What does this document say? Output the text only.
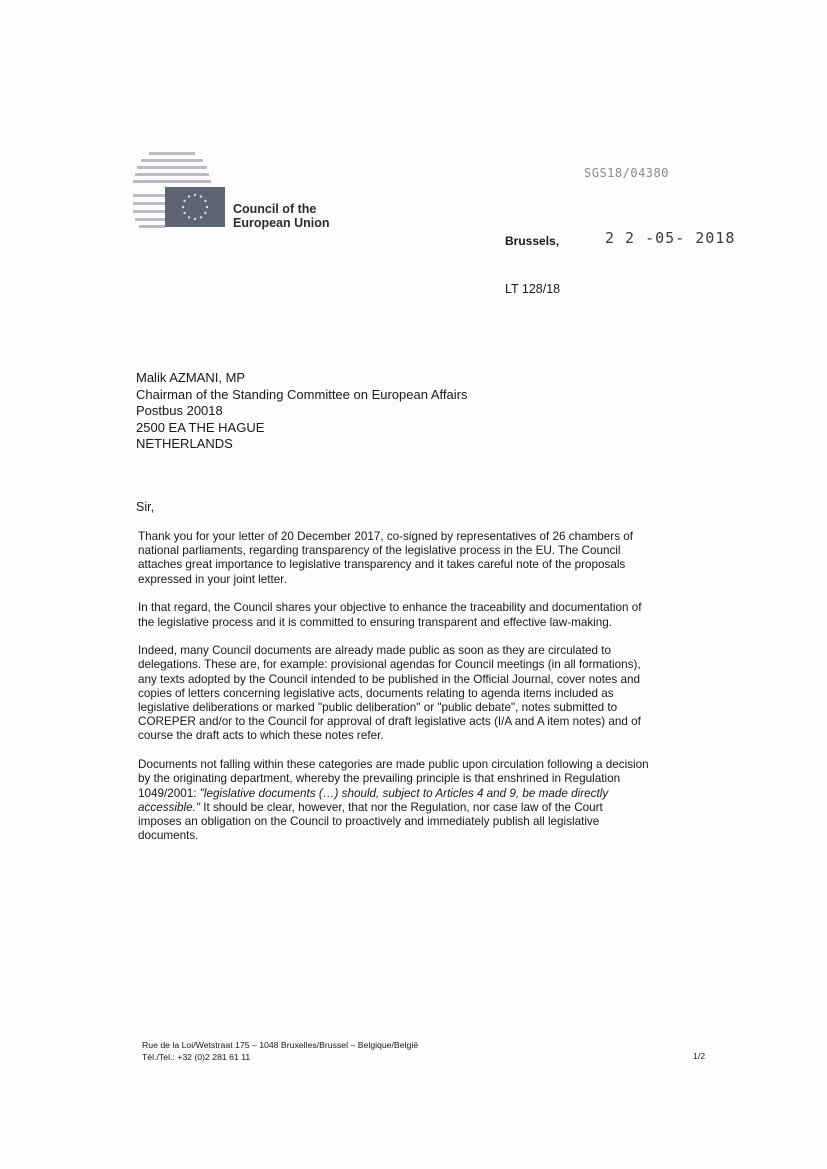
Council of the
European Union
SGS18/04380
Brussels,	2 2 -05- 2018
LT 128/18
Malik AZMANI, MP
Chairman of the Standing Committee on European Affairs
Postbus 20018
2500 EA THE HAGUE
NETHERLANDS
Sir,
Thank you for your letter of 20 December 2017, co-signed by representatives of 26 chambers of
national parliaments, regarding transparency of the legislative process in the EU. The Council
attaches great importance to legislative transparency and it takes careful note of the proposals
expressed in your joint letter.
In that regard, the Council shares your objective to enhance the traceability and documentation of
the legislative process and it is committed to ensuring transparent and effective law-making.
Indeed, many Council documents are already made public as soon as they are circulated to
delegations. These are, for example: provisional agendas for Council meetings (in all formations),
any texts adopted by the Council intended to be published in the Official Journal, cover notes and
copies of letters concerning legislative acts, documents relating to agenda items included as
legislative deliberations or marked "public deliberation" or "public debate", notes submitted to
COREPER and/or to the Council for approval of draft legislative acts (I/A and A item notes) and of
course the draft acts to which these notes refer.
Documents not falling within these categories are made public upon circulation following a decision
by the originating department, whereby the prevailing principle is that enshrined in Regulation
1049/2001: "legislative documents (…) should, subject to Articles 4 and 9, be made directly
accessible." It should be clear, however, that nor the Regulation, nor case law of the Court
imposes an obligation on the Council to proactively and immediately publish all legislative
documents.
Rue de la Loi/Wetstraat 175 – 1048 Bruxelles/Brussel – Belgique/België
Tél./Tel.: +32 (0)2 281 61 11	1/2
